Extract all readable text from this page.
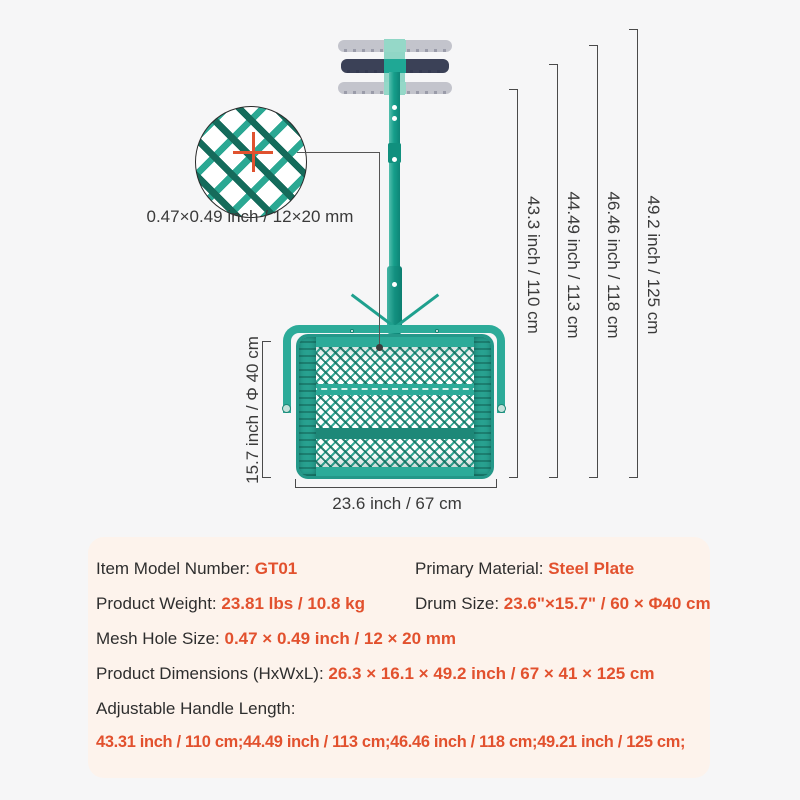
0.47×0.49 inch / 12×20 mm
15.7 inch / Φ 40 cm
23.6 inch / 67 cm
43.3 inch / 110 cm 44.49 inch / 113 cm 46.46 inch / 118 cm 49.2 inch / 125 cm
Item Model Number: GT01	Primary Material: Steel Plate
Product Weight: 23.81 lbs / 10.8 kg	Drum Size: 23.6"×15.7" / 60 × Φ40 cm
Mesh Hole Size: 0.47 × 0.49 inch / 12 × 20 mm
Product Dimensions (HxWxL): 26.3 × 16.1 × 49.2 inch / 67 × 41 × 125 cm
Adjustable Handle Length:
43.31 inch / 110 cm;44.49 inch / 113 cm;46.46 inch / 118 cm;49.21 inch / 125 cm;
